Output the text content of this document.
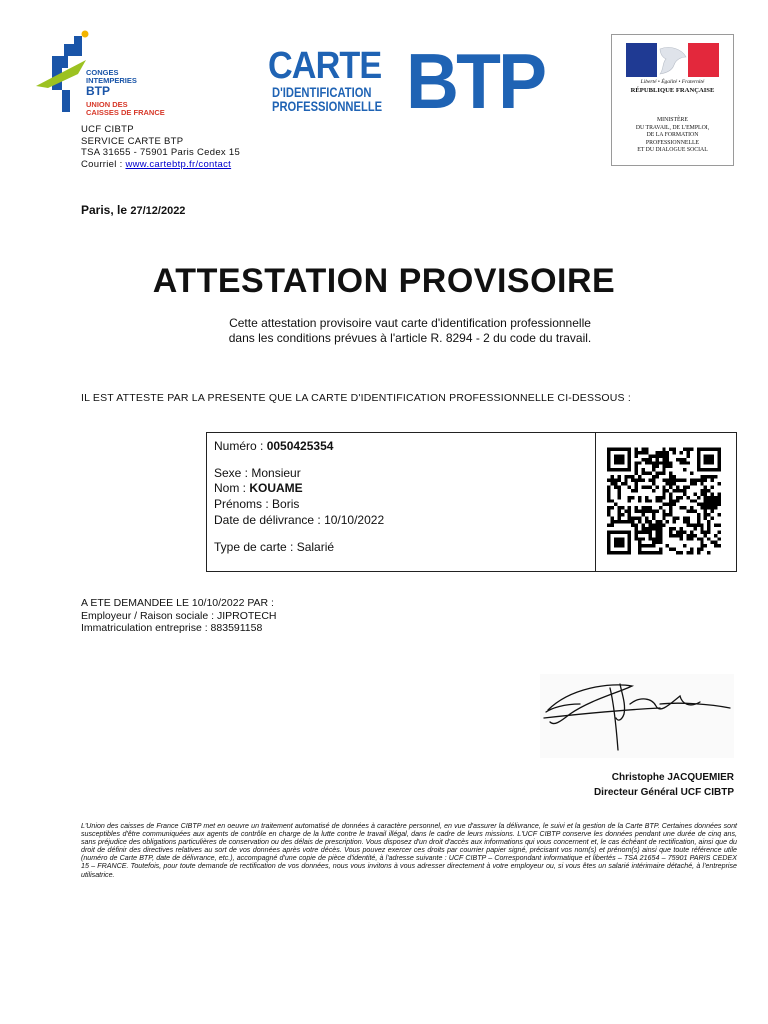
CONGES
INTEMPERIES
BTP
UNION DES
CAISSES DE FRANCE
UCF CIBTP
SERVICE CARTE BTP
TSA 31655 - 75901 Paris Cedex 15
Courriel : www.cartebtp.fr/contact
CARTE
D'IDENTIFICATION
PROFESSIONNELLE BTP	Liberté • Égalité • Fraternité
RÉPUBLIQUE FRANÇAISE
MINISTÈRE
DU TRAVAIL, DE L'EMPLOI,
DE LA FORMATION
PROFESSIONNELLE
ET DU DIALOGUE SOCIAL
Paris, le 27/12/2022
ATTESTATION PROVISOIRE
Cette attestation provisoire vaut carte d'identification professionnelle
dans les conditions prévues à l'article R. 8294 - 2 du code du travail.
IL EST ATTESTE PAR LA PRESENTE QUE LA CARTE D'IDENTIFICATION PROFESSIONNELLE CI-DESSOUS :
Numéro : 0050425354
Sexe : Monsieur
Nom : KOUAME
Prénoms : Boris
Date de délivrance : 10/10/2022
Type de carte : Salarié
A ETE DEMANDEE LE 10/10/2022 PAR :
Employeur / Raison sociale : JIPROTECH
Immatriculation entreprise : 883591158
Christophe JACQUEMIER
Directeur Général UCF CIBTP
L'Union des caisses de France CIBTP met en oeuvre un traitement automatisé de données à caractère personnel, en vue d'assurer la délivrance, le suivi et la gestion de la Carte BTP. Certaines données sont susceptibles d'être communiquées aux agents de contrôle en charge de la lutte contre le travail illégal, dans le cadre de leurs missions. L'UCF CIBTP conserve les données pendant une durée de cinq ans, sans préjudice des obligations particulières de conservation ou des délais de prescription. Vous disposez d'un droit d'accès aux informations qui vous concernent et, le cas échéant de rectification, ainsi que du droit de définir des directives relatives au sort de vos données après votre décès. Vous pouvez exercer ces droits par courrier papier signé, précisant vos nom(s) et prénom(s) ainsi que toute référence utile (numéro de Carte BTP, date de délivrance, etc.), accompagné d'une copie de pièce d'identité, à l'adresse suivante : UCF CIBTP – Correspondant informatique et libertés – TSA 21654 – 75901 PARIS CEDEX 15 – FRANCE. Toutefois, pour toute demande de rectification de vos données, nous vous invitons à vous adresser directement à votre employeur ou, si vous êtes un salarié intérimaire détaché, à l'entreprise utilisatrice.
